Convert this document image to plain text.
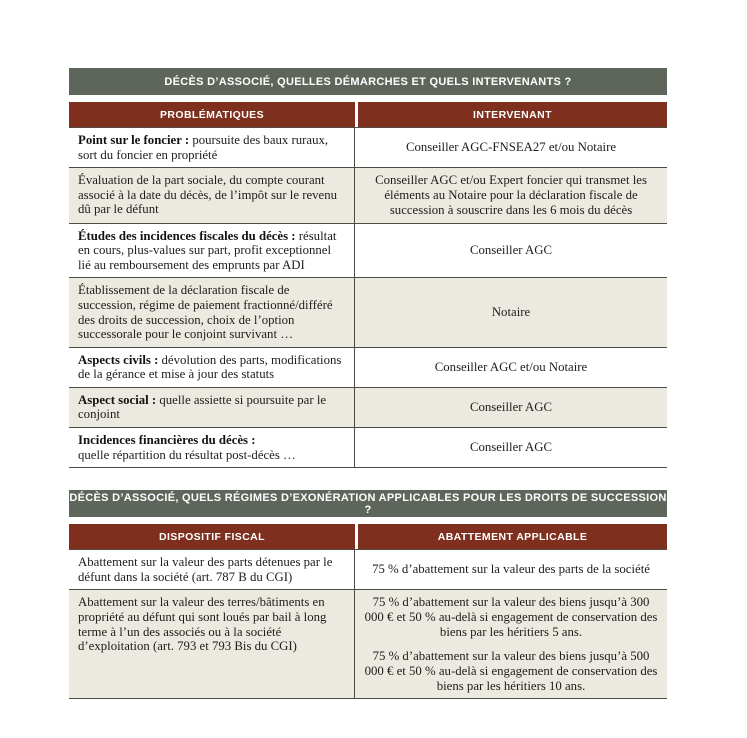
DÉCÈS D’ASSOCIÉ, QUELLES DÉMARCHES ET QUELS INTERVENANTS ?
PROBLÉMATIQUES	INTERVENANT
Point sur le foncier : poursuite des baux ruraux, sort du foncier en propriété
Conseiller AGC-FNSEA27 et/ou Notaire
Évaluation de la part sociale, du compte courant associé à la date du décès, de l’impôt sur le revenu dû par le défunt
Conseiller AGC et/ou Expert foncier qui transmet les éléments au Notaire pour la déclaration fiscale de succession à souscrire dans les 6 mois du décès
Études des incidences fiscales du décès : résultat en cours, plus-values sur part, profit exceptionnel lié au remboursement des emprunts par ADI
Conseiller AGC
Établissement de la déclaration fiscale de succession, régime de paiement fractionné/différé des droits de succession, choix de l’option successorale pour le conjoint survivant …
Notaire
Aspects civils : dévolution des parts, modifications de la gérance et mise à jour des statuts
Conseiller AGC et/ou Notaire
Aspect social : quelle assiette si poursuite par le conjoint
Conseiller AGC
Incidences financières du décès :
quelle répartition du résultat post-décès …
Conseiller AGC
DÉCÈS D’ASSOCIÉ, QUELS RÉGIMES D’EXONÉRATION APPLICABLES POUR LES DROITS DE SUCCESSION ?
DISPOSITIF FISCAL	ABATTEMENT APPLICABLE
Abattement sur la valeur des parts détenues par le défunt dans la société (art. 787 B du CGI)
75 % d’abattement sur la valeur des parts de la société
Abattement sur la valeur des terres/bâtiments en propriété au défunt qui sont loués par bail à long terme à l’un des associés ou à la société d’exploitation (art. 793 et 793 Bis du CGI)
75 % d’abattement sur la valeur des biens jusqu’à 300 000 € et 50 % au-delà si engagement de conservation des biens par les héritiers 5 ans.
75 % d’abattement sur la valeur des biens jusqu’à 500 000 € et 50 % au-delà si engagement de conservation des biens par les héritiers 10 ans.
